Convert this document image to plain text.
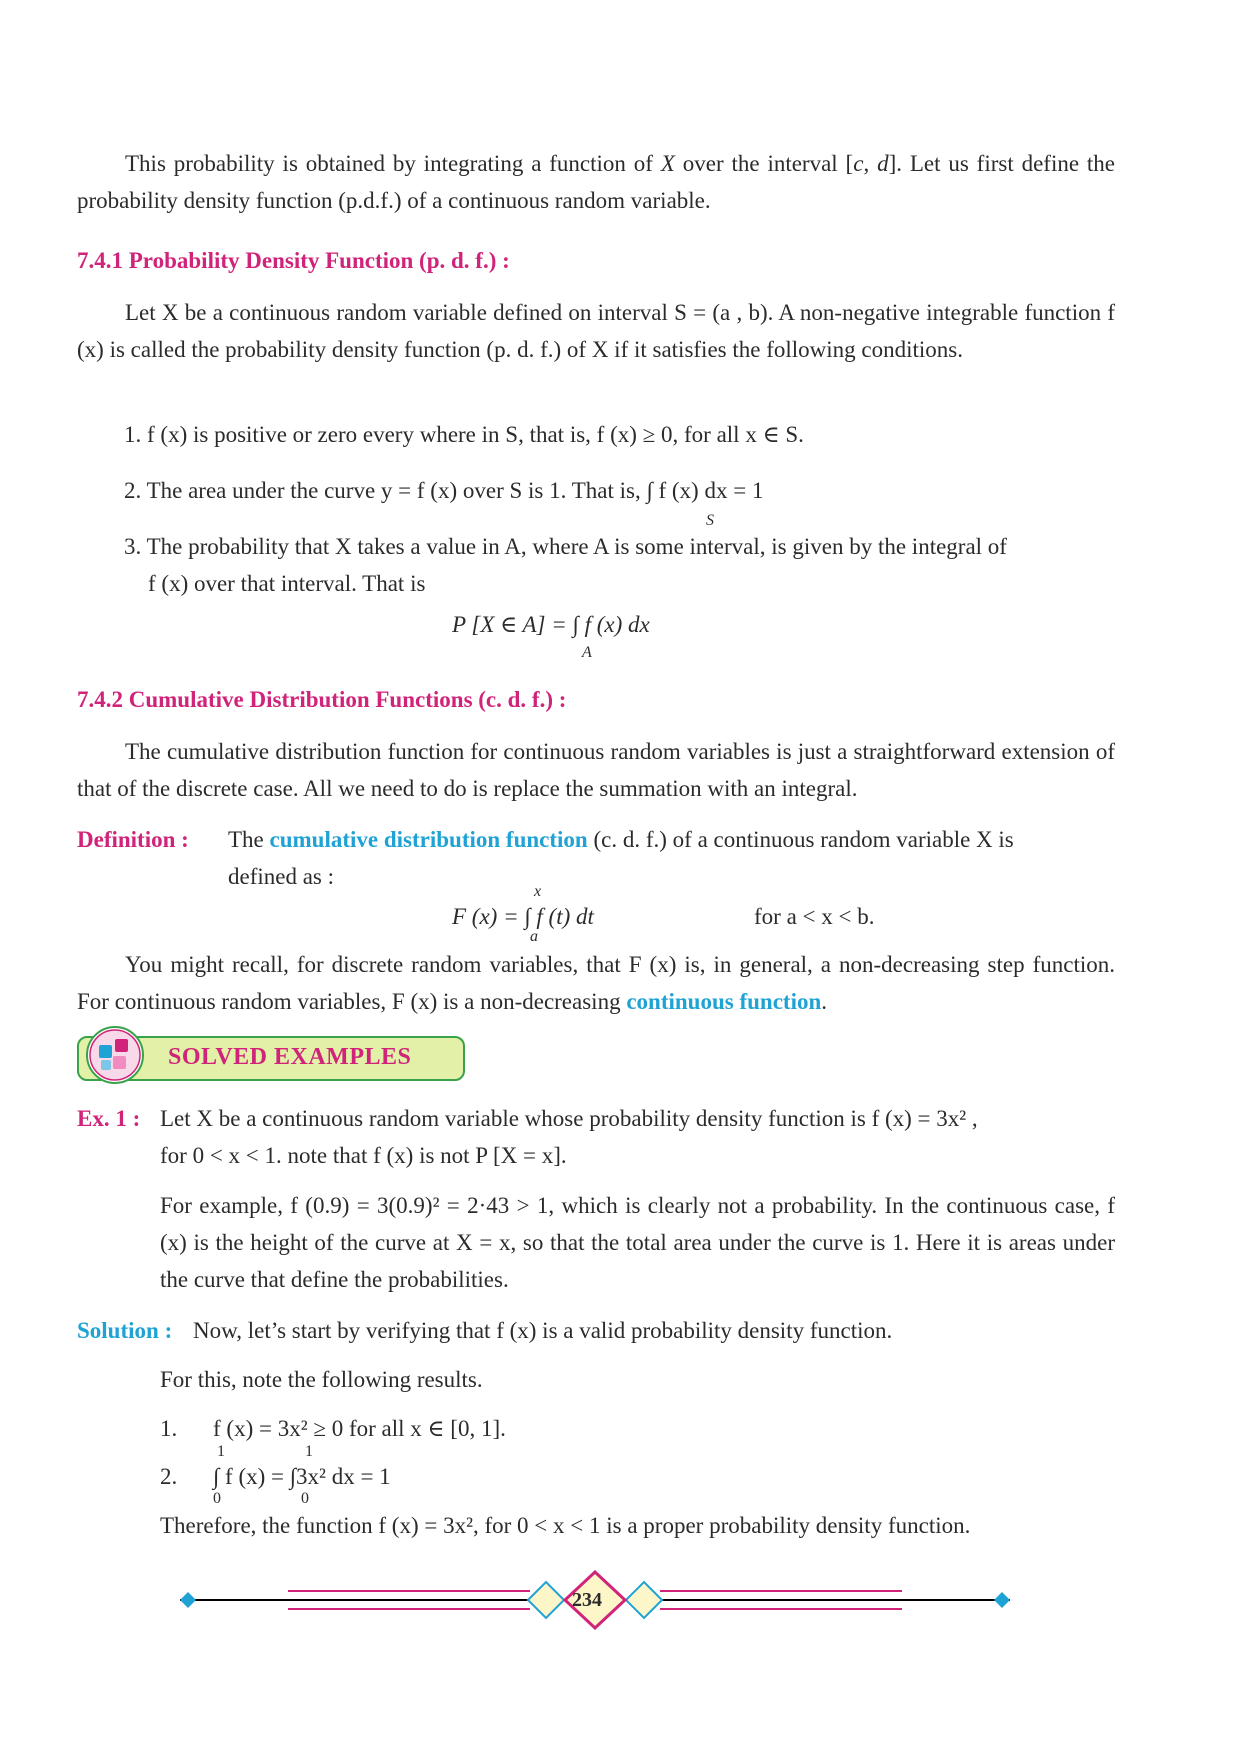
This probability is obtained by integrating a function of X over the interval [c, d]. Let us first define the probability density function (p.d.f.) of a continuous random variable.

7.4.1 Probability Density Function (p. d. f.) :

Let X be a continuous random variable defined on interval S = (a , b). A non-negative integrable function f (x) is called the probability density function (p. d. f.) of X if it satisfies the following conditions.

1. f (x) is positive or zero every where in S, that is, f (x) ≥ 0, for all x ∈ S.

2. The area under the curve y = f (x) over S is 1. That is, ∫ f (x) dx = 1

S

3. The probability that X takes a value in A, where A is some interval, is given by the integral of

f (x) over that interval. That is

P [X ∈ A] = ∫ f (x) dx

A

7.4.2 Cumulative Distribution Functions (c. d. f.) :

The cumulative distribution function for continuous random variables is just a straightforward extension of that of the discrete case. All we need to do is replace the summation with an integral.

Definition : The cumulative distribution function (c. d. f.) of a continuous random variable X is

defined as :

x

F (x) = ∫ f (t) dt

a

for a < x < b.

You might recall, for discrete random variables, that F (x) is, in general, a non-decreasing step function. For continuous random variables, F (x) is a non-decreasing continuous function.

SOLVED EXAMPLES

Ex. 1 : Let X be a continuous random variable whose probability density function is f (x) = 3x² ,

for 0 < x < 1. note that f (x) is not P [X = x].

For example, f (0.9) = 3(0.9)² = 2·43 > 1, which is clearly not a probability. In the continuous case, f (x) is the height of the curve at X = x, so that the total area under the curve is 1. Here it is areas under the curve that define the probabilities.

Solution : Now, let’s start by verifying that f (x) is a valid probability density function.

For this, note the following results.

1. f (x) = 3x² ≥ 0 for all x ∈ [0, 1].

1	1

2. ∫ f (x) = ∫3x² dx = 1

0	0

Therefore, the function f (x) = 3x², for 0 < x < 1 is a proper probability density function.

234
